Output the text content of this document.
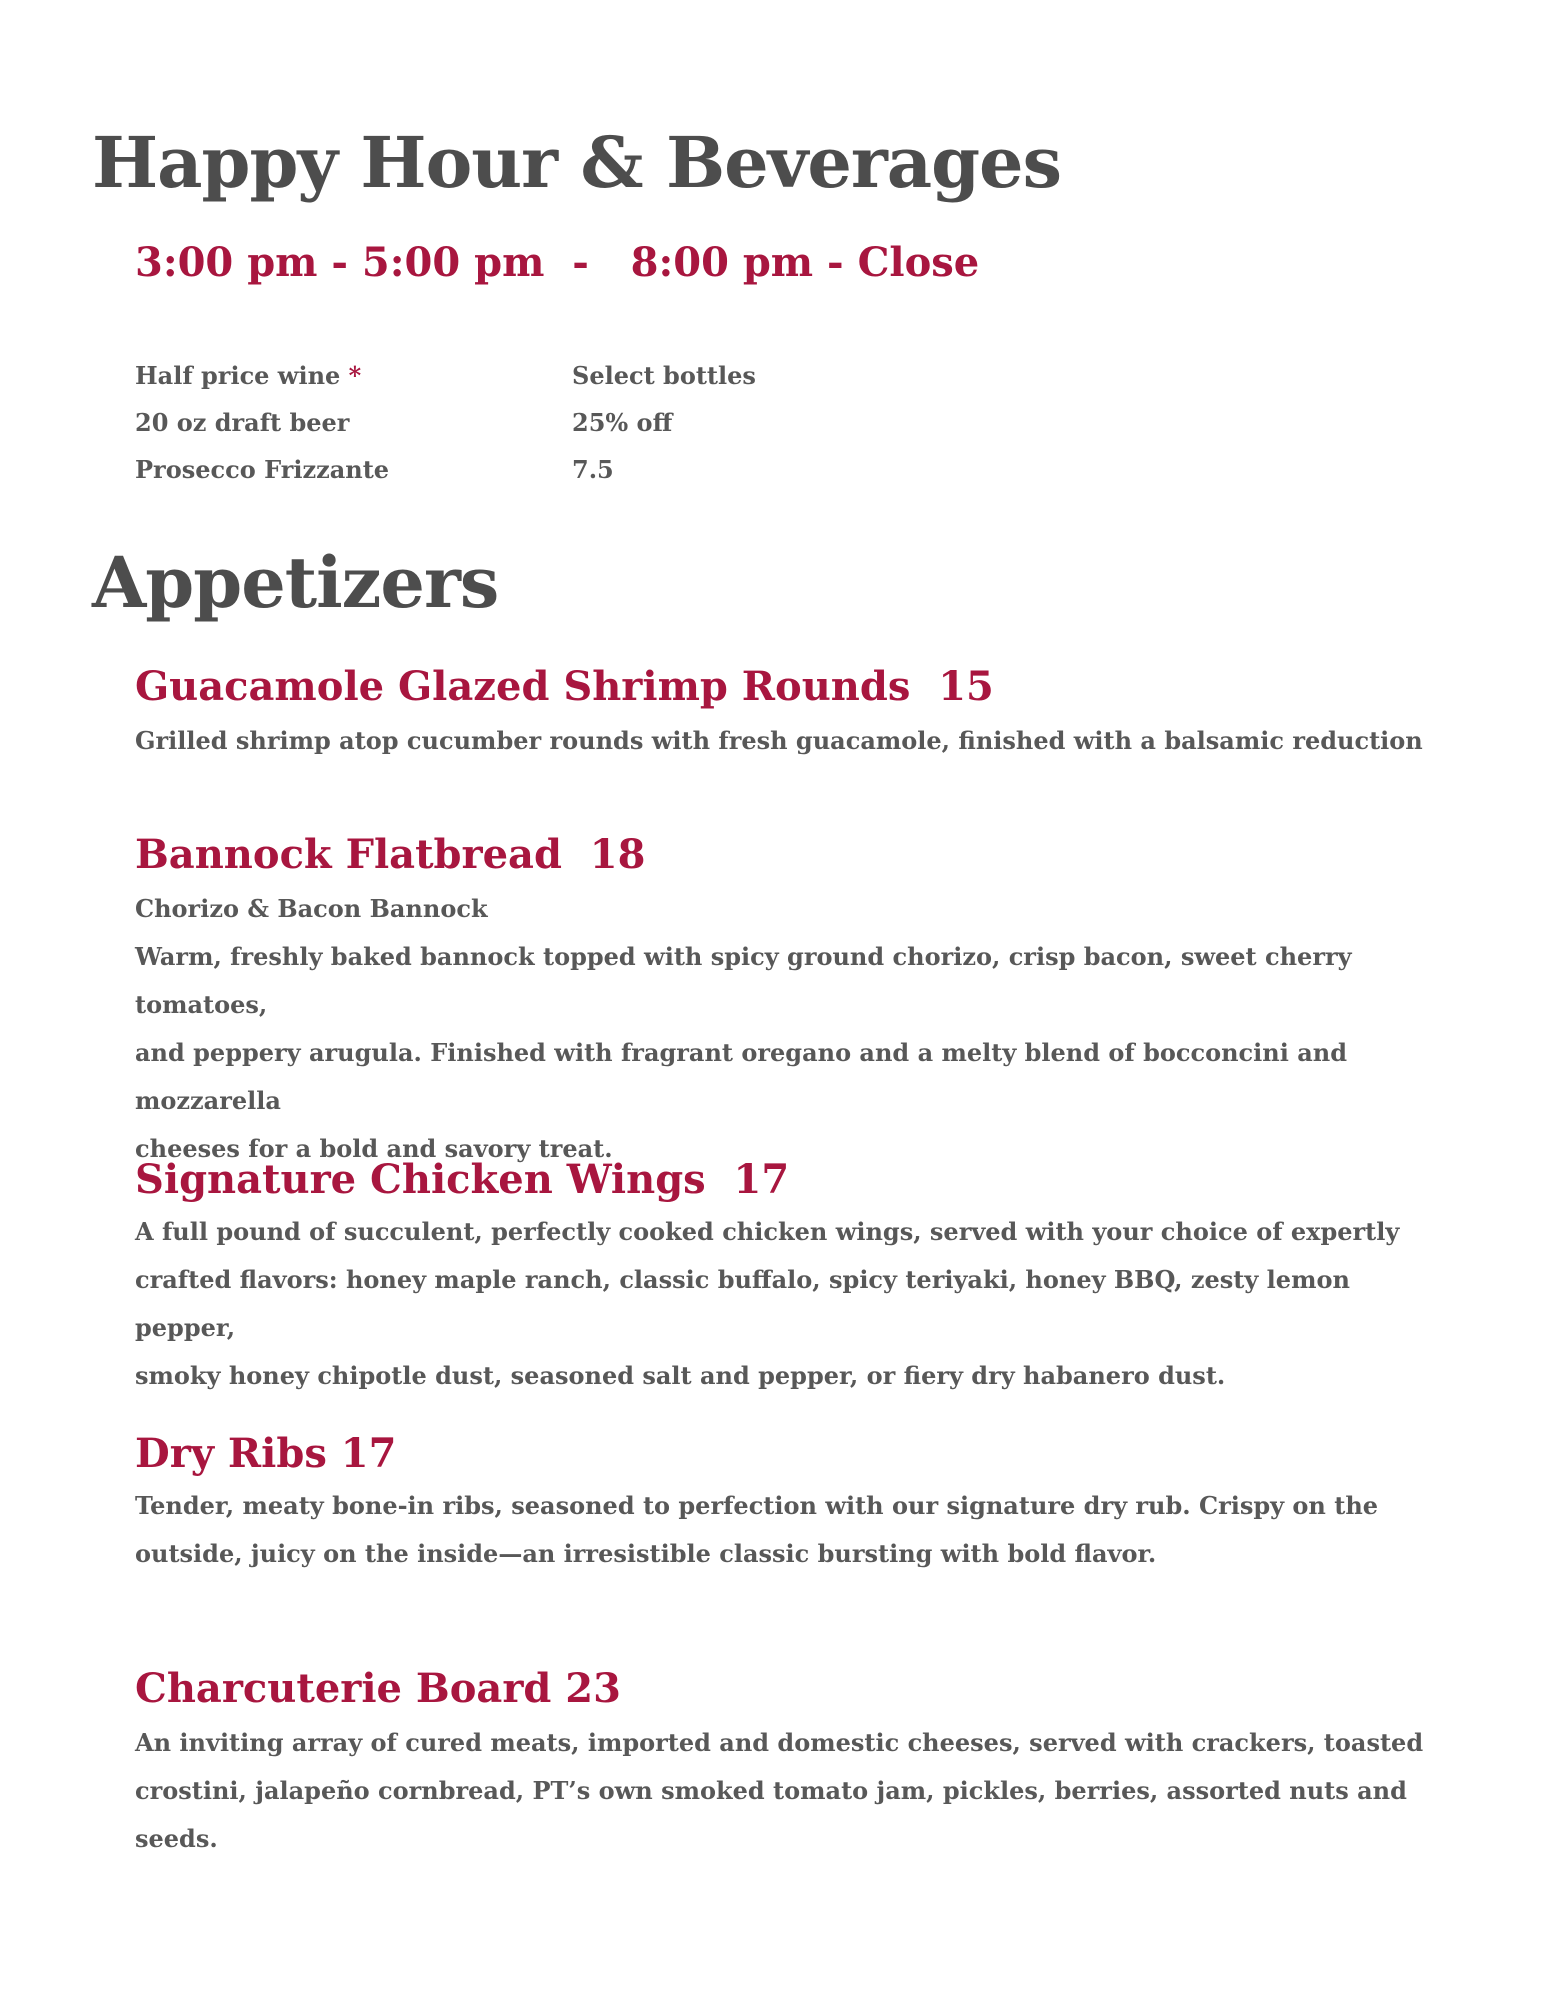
Happy Hour & Beverages
3:00 pm - 5:00 pm  -   8:00 pm - Close
Half price wine *	Select bottles
20 oz draft beer	25% off
Prosecco Frizzante	7.5
Appetizers
Guacamole Glazed Shrimp Rounds  15

Grilled shrimp atop cucumber rounds with fresh guacamole, finished with a balsamic reduction

Bannock Flatbread  18

Chorizo & Bacon Bannock
Warm, freshly baked bannock topped with spicy ground chorizo, crisp bacon, sweet cherry tomatoes,
and peppery arugula. Finished with fragrant oregano and a melty blend of bocconcini and mozzarella
cheeses for a bold and savory treat.

Signature Chicken Wings  17

A full pound of succulent, perfectly cooked chicken wings, served with your choice of expertly
crafted flavors: honey maple ranch, classic buffalo, spicy teriyaki, honey BBQ, zesty lemon pepper,
smoky honey chipotle dust, seasoned salt and pepper, or fiery dry habanero dust.

Dry Ribs 17

Tender, meaty bone-in ribs, seasoned to perfection with our signature dry rub. Crispy on the
outside, juicy on the inside—an irresistible classic bursting with bold flavor.

Charcuterie Board 23

An inviting array of cured meats, imported and domestic cheeses, served with crackers, toasted
crostini, jalapeño cornbread, PT’s own smoked tomato jam, pickles, berries, assorted nuts and seeds.
